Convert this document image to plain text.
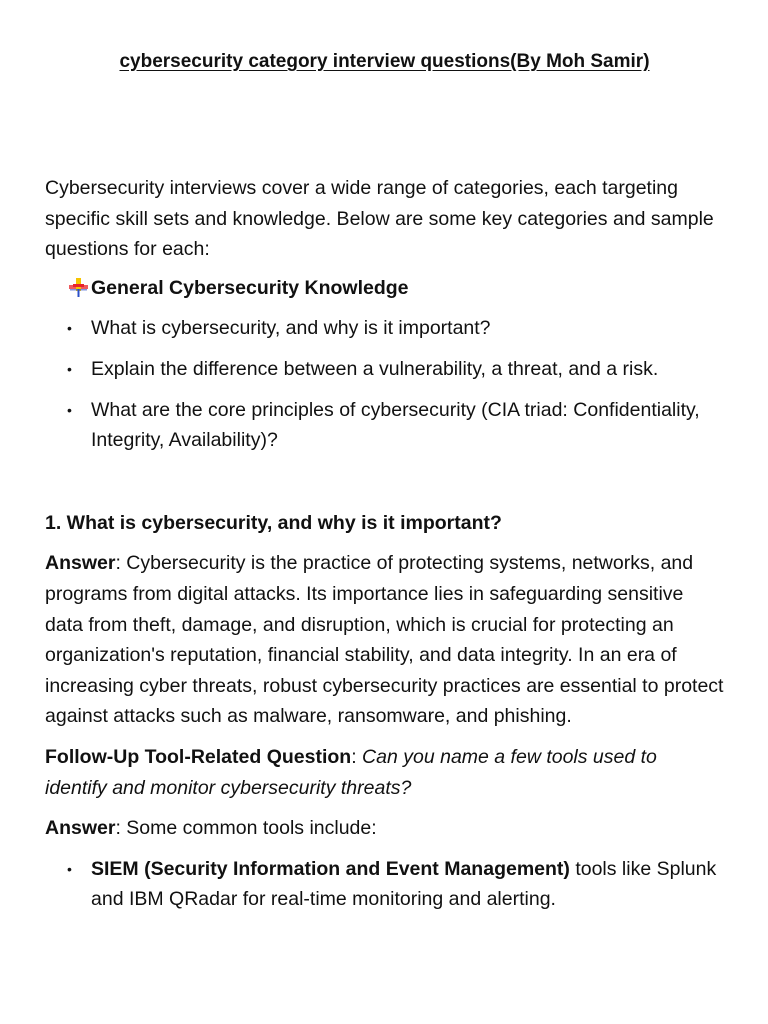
cybersecurity category interview questions(By Moh Samir)

Cybersecurity interviews cover a wide range of categories, each targeting specific skill sets and knowledge. Below are some key categories and sample questions for each:

General Cybersecurity Knowledge
• What is cybersecurity, and why is it important?
• Explain the difference between a vulnerability, a threat, and a risk.
• What are the core principles of cybersecurity (CIA triad: Confidentiality, Integrity, Availability)?
1. What is cybersecurity, and why is it important?

Answer: Cybersecurity is the practice of protecting systems, networks, and programs from digital attacks. Its importance lies in safeguarding sensitive data from theft, damage, and disruption, which is crucial for protecting an organization's reputation, financial stability, and data integrity. In an era of increasing cyber threats, robust cybersecurity practices are essential to protect against attacks such as malware, ransomware, and phishing.

Follow-Up Tool-Related Question: Can you name a few tools used to identify and monitor cybersecurity threats?

Answer: Some common tools include:

• SIEM (Security Information and Event Management) tools like Splunk and IBM QRadar for real-time monitoring and alerting.
